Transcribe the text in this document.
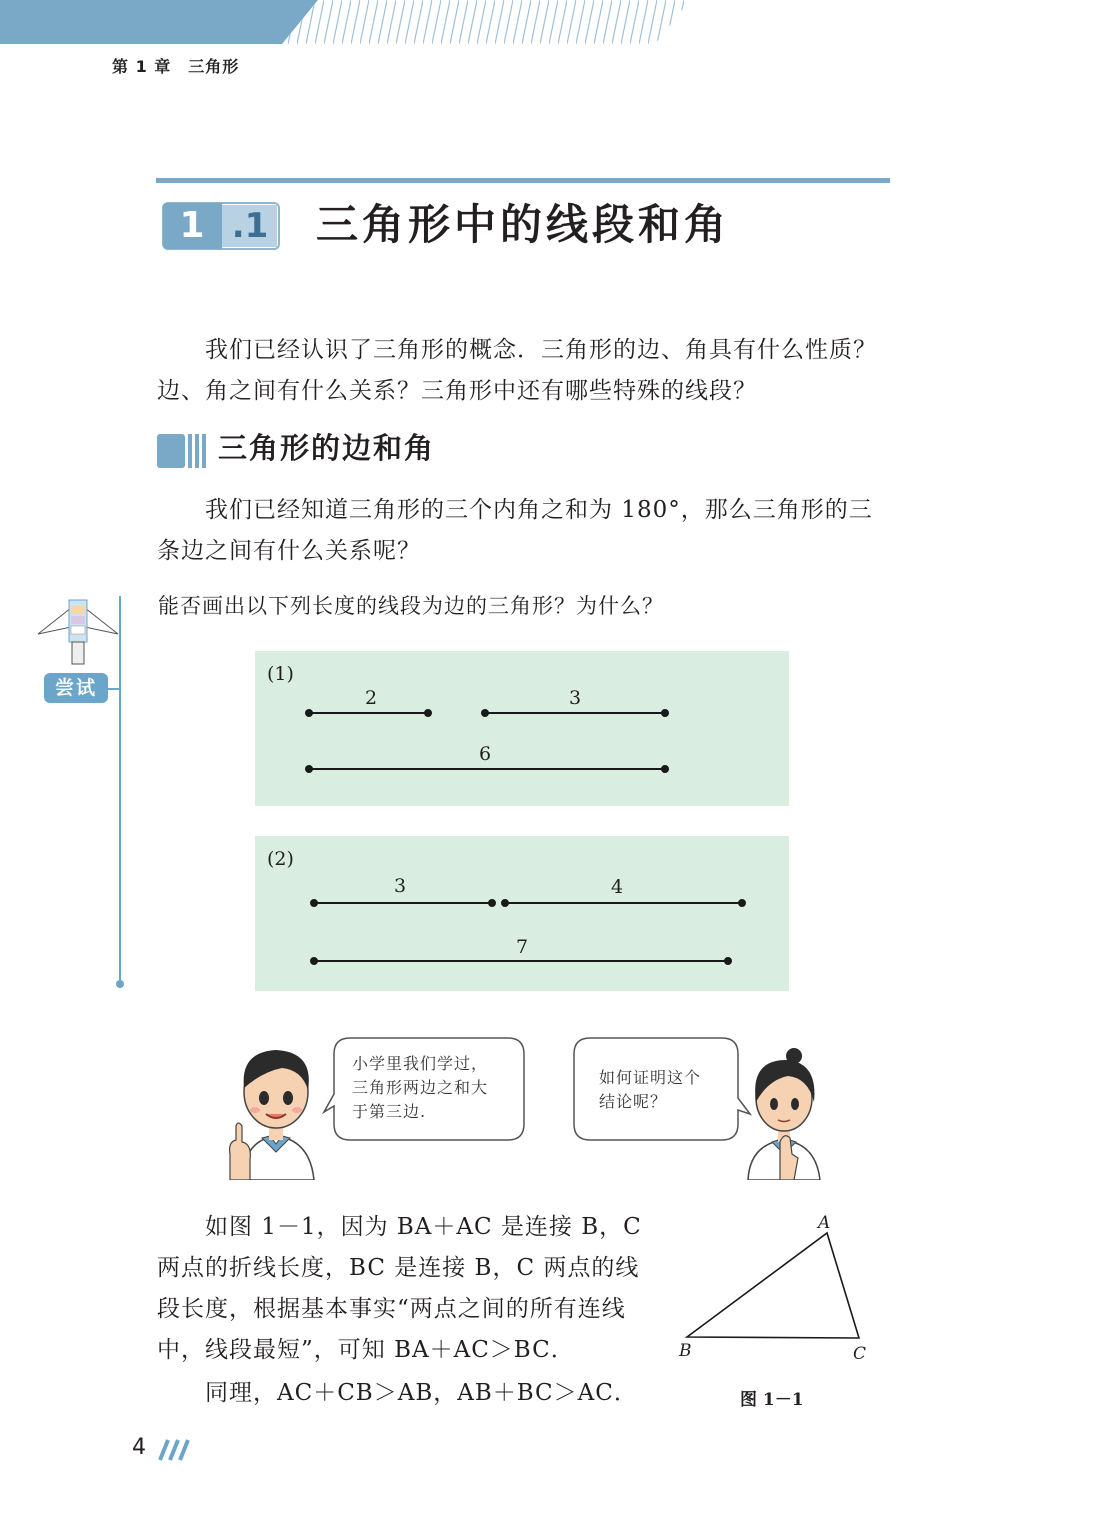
第 1 章　三角形
1 .1 三角形中的线段和角
我们已经认识了三角形的概念．三角形的边、角具有什么性质？边、角之间有什么关系？三角形中还有哪些特殊的线段？
三角形的边和角
我们已经知道三角形的三个内角之和为 180°，那么三角形的三条边之间有什么关系呢？
尝试
能否画出以下列长度的线段为边的三角形？为什么？
(1)
2	3
6
(2)
3	4
7
小学里我们学过，
三角形两边之和大
于第三边.
如何证明这个
结论呢？
如图 1－1，因为 BA＋AC 是连接 B，C 两点的折线长度，BC 是连接 B，C 两点的线段长度，根据基本事实“两点之间的所有连线中，线段最短”，可知 BA＋AC＞BC．
同理，AC＋CB＞AB，AB＋BC＞AC．
A
B	C
图 1－1
4
